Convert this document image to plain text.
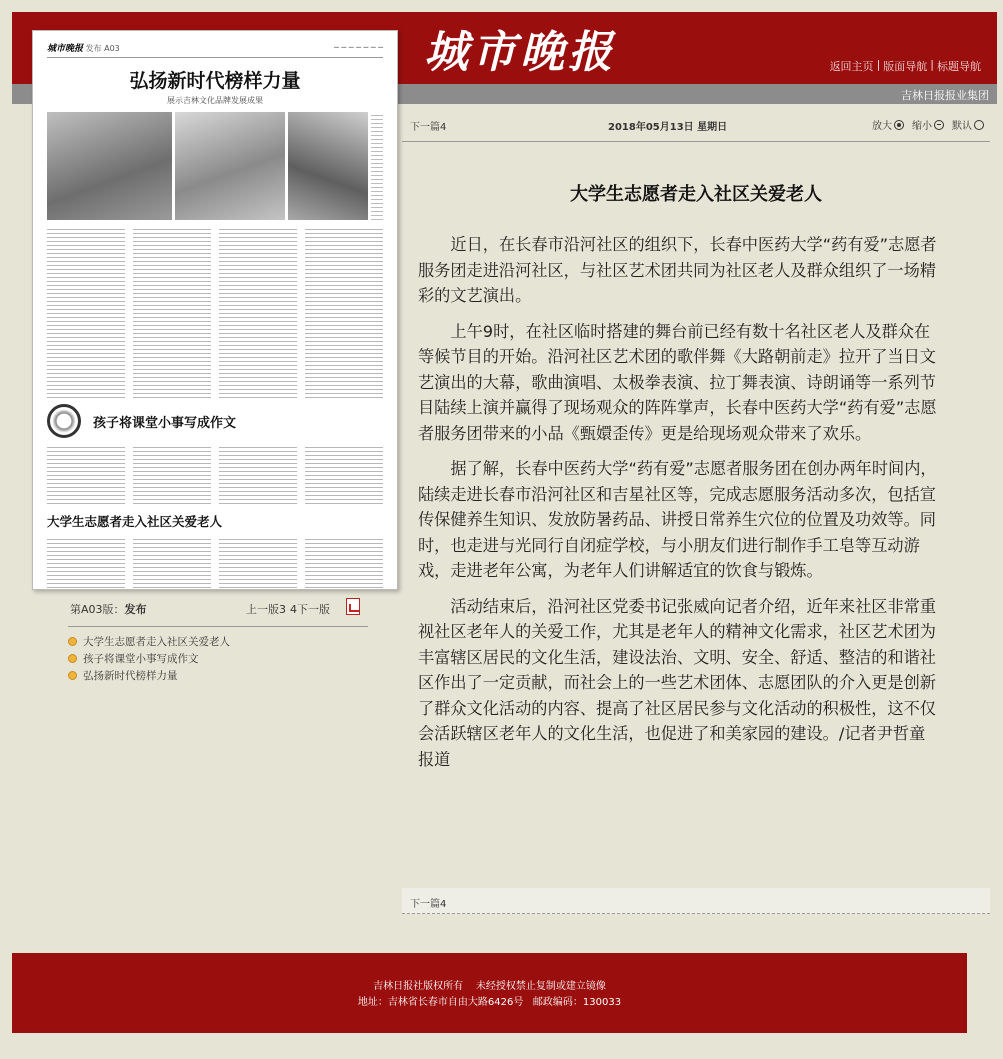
城市晚报	返回主页 | 版面导航 | 标题导航
吉林日报报业集团
城市晚报 发布 A03	─ ─ ─ ─ ─ ─ ─
弘扬新时代榜样力量
展示吉林文化品牌发展成果
孩子将课堂小事写成作文
大学生志愿者走入社区关爱老人
第A03版：发布	上一版3 4下一版
大学生志愿者走入社区关爱老人
孩子将课堂小事写成作文
弘扬新时代榜样力量
下一篇4	2018年05月13日 星期日	放大 缩小 默认
大学生志愿者走入社区关爱老人

近日，在长春市沿河社区的组织下，长春中医药大学“药有爱”志愿者服务团走进沿河社区，与社区艺术团共同为社区老人及群众组织了一场精彩的文艺演出。

上午9时，在社区临时搭建的舞台前已经有数十名社区老人及群众在等候节目的开始。沿河社区艺术团的歌伴舞《大路朝前走》拉开了当日文艺演出的大幕，歌曲演唱、太极拳表演、拉丁舞表演、诗朗诵等一系列节目陆续上演并赢得了现场观众的阵阵掌声，长春中医药大学“药有爱”志愿者服务团带来的小品《甄嬛歪传》更是给现场观众带来了欢乐。

据了解，长春中医药大学“药有爱”志愿者服务团在创办两年时间内，陆续走进长春市沿河社区和吉星社区等，完成志愿服务活动多次，包括宣传保健养生知识、发放防暑药品、讲授日常养生穴位的位置及功效等。同时，也走进与光同行自闭症学校，与小朋友们进行制作手工皂等互动游戏，走进老年公寓，为老年人们讲解适宜的饮食与锻炼。

活动结束后，沿河社区党委书记张威向记者介绍，近年来社区非常重视社区老年人的关爱工作，尤其是老年人的精神文化需求，社区艺术团为丰富辖区居民的文化生活，建设法治、文明、安全、舒适、整洁的和谐社区作出了一定贡献，而社会上的一些艺术团体、志愿团队的介入更是创新了群众文化活动的内容、提高了社区居民参与文化活动的积极性，这不仅会活跃辖区老年人的文化生活，也促进了和美家园的建设。/记者尹哲童 报道

下一篇4
吉林日报社版权所有    未经授权禁止复制或建立镜像
地址：吉林省长春市自由大路6426号   邮政编码：130033
